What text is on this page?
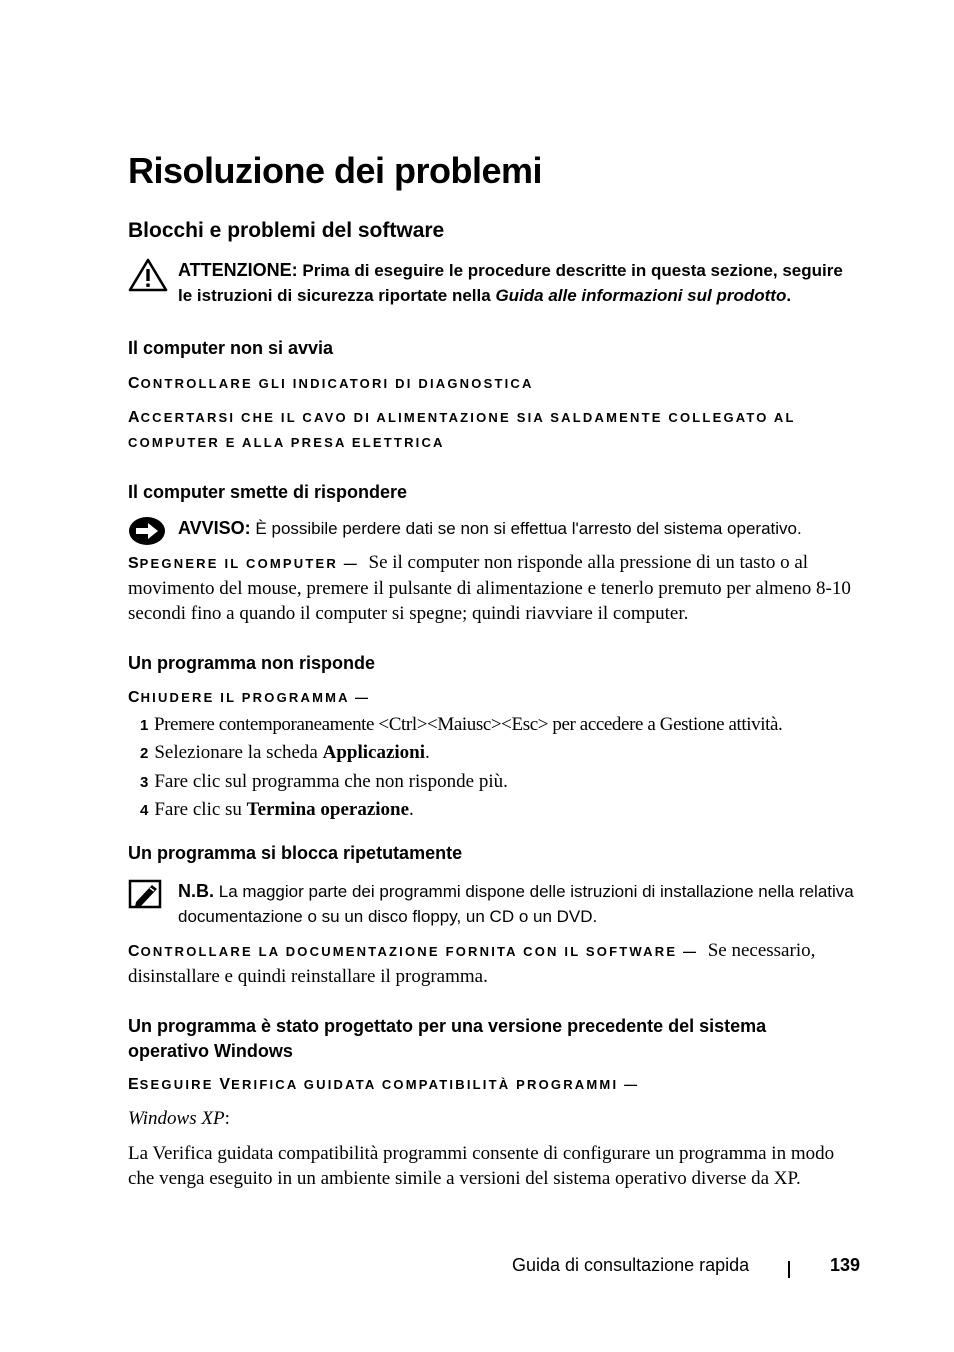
Risoluzione dei problemi
Blocchi e problemi del software
ATTENZIONE: Prima di eseguire le procedure descritte in questa sezione, seguire le istruzioni di sicurezza riportate nella Guida alle informazioni sul prodotto.
Il computer non si avvia

CONTROLLARE GLI INDICATORI DI DIAGNOSTICA

ACCERTARSI CHE IL CAVO DI ALIMENTAZIONE SIA SALDAMENTE COLLEGATO AL
COMPUTER E ALLA PRESA ELETTRICA

Il computer smette di rispondere
AVVISO: È possibile perdere dati se non si effettua l'arresto del sistema operativo.

SPEGNERE IL COMPUTER — Se il computer non risponde alla pressione di un tasto o al movimento del mouse, premere il pulsante di alimentazione e tenerlo premuto per almeno 8-10 secondi fino a quando il computer si spegne; quindi riavviare il computer.

Un programma non risponde

CHIUDERE IL PROGRAMMA —

1 Premere contemporaneamente <Ctrl><Maiusc><Esc> per accedere a Gestione attività.
2 Selezionare la scheda Applicazioni.
3 Fare clic sul programma che non risponde più.
4 Fare clic su Termina operazione.
Un programma si blocca ripetutamente
N.B. La maggior parte dei programmi dispone delle istruzioni di installazione nella relativa documentazione o su un disco floppy, un CD o un DVD.

CONTROLLARE LA DOCUMENTAZIONE FORNITA CON IL SOFTWARE — Se necessario, disinstallare e quindi reinstallare il programma.

Un programma è stato progettato per una versione precedente del sistema
operativo Windows

ESEGUIRE VERIFICA GUIDATA COMPATIBILITÀ PROGRAMMI —

Windows XP:

La Verifica guidata compatibilità programmi consente di configurare un programma in modo che venga eseguito in un ambiente simile a versioni del sistema operativo diverse da XP.

Guida di consultazione rapida	139
